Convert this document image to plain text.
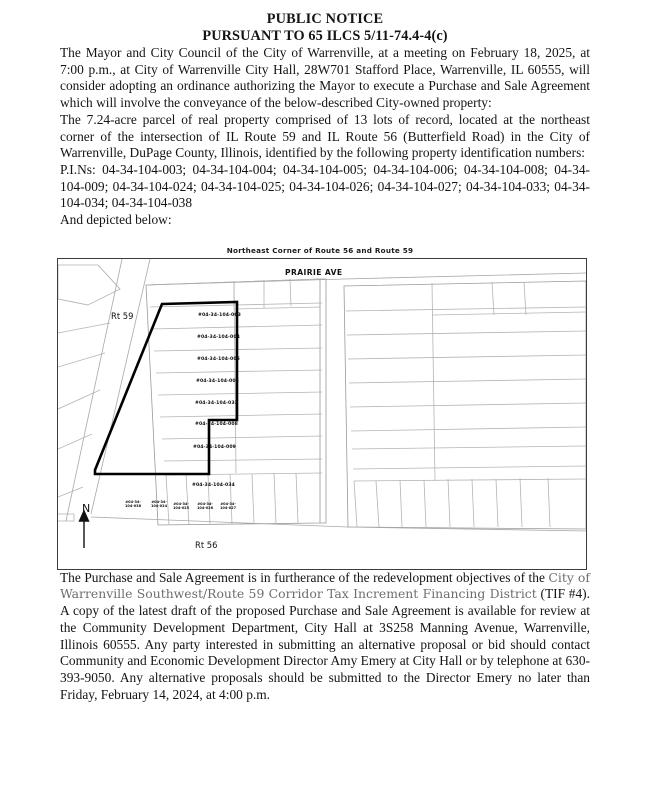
PUBLIC NOTICE
PURSUANT TO 65 ILCS 5/11-74.4-4(c)

The Mayor and City Council of the City of Warrenville, at a meeting on February 18, 2025, at 7:00 p.m., at City of Warrenville City Hall, 28W701 Stafford Place, Warrenville, IL 60555, will consider adopting an ordinance authorizing the Mayor to execute a Purchase and Sale Agreement which will involve the conveyance of the below-described City-owned property:

The 7.24-acre parcel of real property comprised of 13 lots of record, located at the northeast corner of the intersection of IL Route 59 and IL Route 56 (Butterfield Road) in the City of Warrenville, DuPage County, Illinois, identified by the following property identification numbers:

P.I.Ns: 04-34-104-003; 04-34-104-004; 04-34-104-005; 04-34-104-006; 04-34-104-008; 04-34-104-009; 04-34-104-024; 04-34-104-025; 04-34-104-026; 04-34-104-027; 04-34-104-033; 04-34-104-034; 04-34-104-038

And depicted below:

Northeast Corner of Route 56 and Route 59
PRAIRIE AVE
Rt 59
Rt 56
N
#04-34-104-003
#04-34-104-004
#04-34-104-005
#04-34-104-006
#04-34-104-033
#04-34-104-008
#04-34-104-009
#04-34-104-034
#04-34-
104-038
#04-34-
104-024
#04-34-
104-025
#04-34-
104-026
#04-34-
104-027

The Purchase and Sale Agreement is in furtherance of the redevelopment objectives of the City of Warrenville Southwest/Route 59 Corridor Tax Increment Financing District (TIF #4). A copy of the latest draft of the proposed Purchase and Sale Agreement is available for review at the Community Development Department, City Hall at 3S258 Manning Avenue, Warrenville, Illinois 60555. Any party interested in submitting an alternative proposal or bid should contact Community and Economic Development Director Amy Emery at City Hall or by telephone at 630-393-9050. Any alternative proposals should be submitted to the Director Emery no later than Friday, February 14, 2024, at 4:00 p.m.
